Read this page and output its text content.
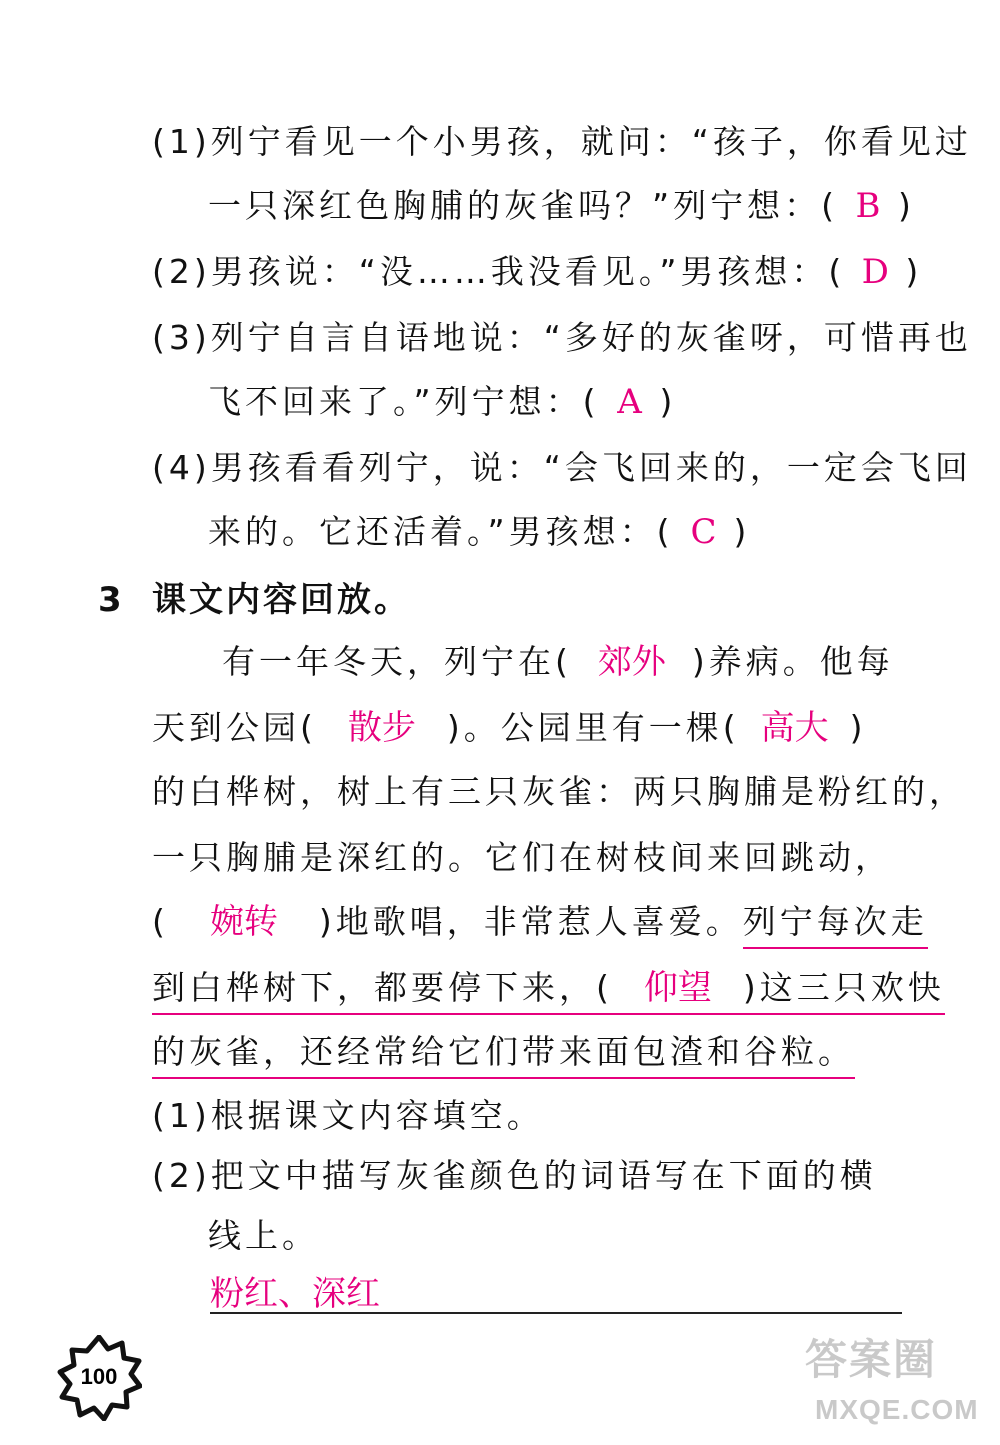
(1)列宁看见一个小男孩，就问：“孩子，你看见过
一只深红色胸脯的灰雀吗？”列宁想：( B )
(2)男孩说：“没……我没看见。”男孩想：( D )
(3)列宁自言自语地说：“多好的灰雀呀，可惜再也
飞不回来了。”列宁想：( A )
(4)男孩看看列宁，说：“会飞回来的，一定会飞回
来的。它还活着。”男孩想：( C )
3 课文内容回放。
有一年冬天，列宁在( 郊外 )养病。他每
天到公园( 散步 )。公园里有一棵( 高大 )
的白桦树，树上有三只灰雀：两只胸脯是粉红的，
一只胸脯是深红的。它们在树枝间来回跳动，
( 婉转 )地歌唱，非常惹人喜爱。列宁每次走
到白桦树下，都要停下来，( 仰望 )这三只欢快
的灰雀，还经常给它们带来面包渣和谷粒。
(1)根据课文内容填空。
(2)把文中描写灰雀颜色的词语写在下面的横
线上。
粉红、深红
100	答案圈
MXQE.COM
